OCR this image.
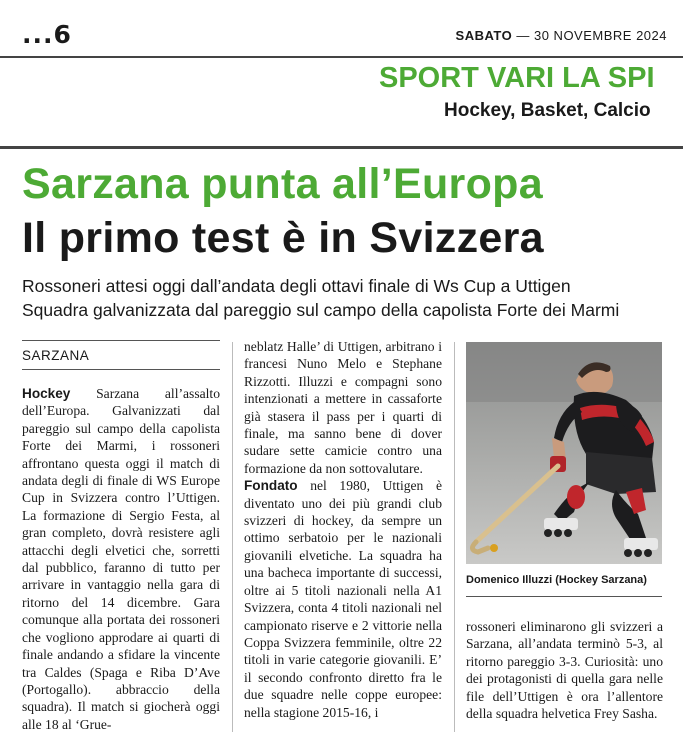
...6	SABATO — 30 NOVEMBRE 2024
SPORT VARI LA SPI
Hockey, Basket, Calcio
Sarzana punta all’Europa
Il primo test è in Svizzera
Rossoneri attesi oggi dall’andata degli ottavi finale di Ws Cup a Uttigen
Squadra galvanizzata dal pareggio sul campo della capolista Forte dei Marmi
SARZANA

Hockey Sarzana all’assalto dell’Europa. Galvanizzati dal pareggio sul campo della capolista Forte dei Marmi, i rossoneri affrontano questa oggi il match di andata degli di finale di WS Europe Cup in Svizzera contro l’Uttigen. La formazione di Sergio Festa, al gran completo, dovrà resistere agli attacchi degli elvetici che, sorretti dal pubblico, faranno di tutto per arrivare in vantaggio nella gara di ritorno del 14 dicembre. Gara comunque alla portata dei rossoneri che vogliono approdare ai quarti di finale andando a sfidare la vincente tra Caldes (Spaga e Riba D’Ave (Portogallo). abbraccio della squadra). Il match si giocherà oggi alle 18 al ‘Grue-

neblatz Halle’ di Uttigen, arbitrano i francesi Nuno Melo e Stephane Rizzotti. Illuzzi e compagni sono intenzionati a mettere in cassaforte già stasera il pass per i quarti di finale, ma sanno bene di dover sudare sette camicie contro una formazione da non sottovalutare.

Fondato nel 1980, Uttigen è diventato uno dei più grandi club svizzeri di hockey, da sempre un ottimo serbatoio per le nazionali giovanili elvetiche. La squadra ha una bacheca importante di successi, oltre ai 5 titoli nazionali nella A1 Svizzera, conta 4 titoli nazionali nel campionato riserve e 2 vittorie nella Coppa Svizzera femminile, oltre 22 titoli in varie categorie giovanili. E’ il secondo confronto diretto fra le due squadre nelle coppe europee: nella stagione 2015-16, i

Domenico Illuzzi (Hockey Sarzana)

rossoneri eliminarono gli svizzeri a Sarzana, all’andata terminò 5-3, al ritorno pareggio 3-3. Curiosità: uno dei protagonisti di quella gara nelle file dell’Uttigen è ora l’allentore della squadra helvetica Frey Sasha.
